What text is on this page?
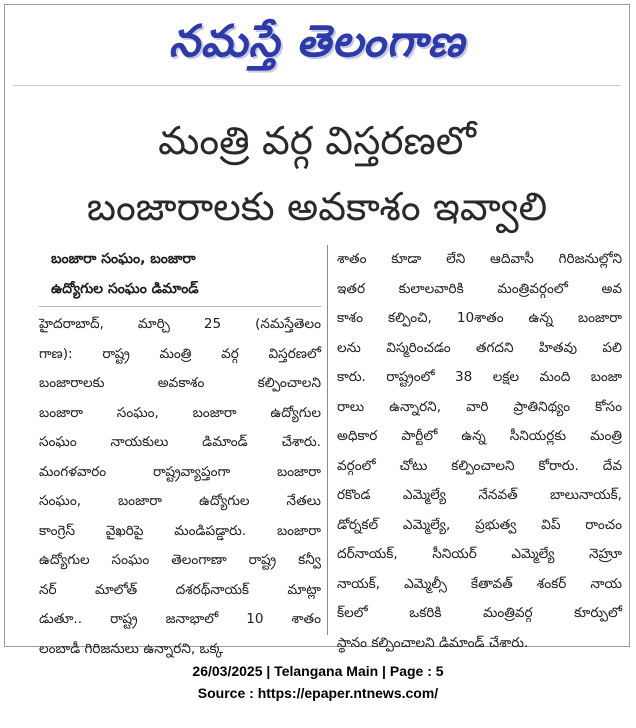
నమస్తే తెలంగాణ
మంత్రి వర్గ విస్తరణలో
బంజారాలకు అవకాశం ఇవ్వాలి
బంజారా సంఘం, బంజారా
ఉద్యోగుల సంఘం డిమాండ్
హైదరాబాద్, మార్చి 25 (నమస్తేతెలం
గాణ): రాష్ట్ర మంత్రి వర్గ విస్తరణలో
బంజారాలకు అవకాశం కల్పించాలని
బంజారా సంఘం, బంజారా ఉద్యోగుల
సంఘం నాయకులు డిమాండ్ చేశారు.
మంగళవారం రాష్ట్రవ్యాప్తంగా బంజారా
సంఘం, బంజారా ఉద్యోగుల నేతలు
కాంగ్రెస్ వైఖరిపై మండిపడ్డారు. బంజారా
ఉద్యోగుల సంఘం తెలంగాణా రాష్ట్ర కన్వీ
నర్ మాలోత్ దశరథ్‌నాయక్ మాట్లా
డుతూ.. రాష్ట్ర జనాభాలో 10 శాతం
లంబాడీ గిరిజనులు ఉన్నారని, ఒక్క
శాతం కూడా లేని ఆదివాసీ గిరిజనుల్లోని
ఇతర కులాలవారికి మంత్రివర్గంలో అవ
కాశం కల్పించి, 10శాతం ఉన్న బంజారా
లను విస్మరించడం తగదని హితవు పలి
కారు. రాష్ట్రంలో 38 లక్షల మంది బంజా
రాలు ఉన్నారని, వారి ప్రాతినిథ్యం కోసం
అధికార పార్టీలో ఉన్న సీనియర్లకు మంత్రి
వర్గంలో చోటు కల్పించాలని కోరారు. దేవ
రకొండ ఎమ్మెల్యే నేనవత్ బాలునాయక్,
డోర్నకల్ ఎమ్మెల్యే, ప్రభుత్వ విప్ రాంచం
దర్‌నాయక్, సీనియర్ ఎమ్మెల్యే నెహ్రూ
నాయక్, ఎమ్మెల్సీ కేతావత్ శంకర్ నాయ
క్‌లలో ఒకరికి మంత్రివర్గ కూర్పులో
స్థానం కల్పించాలని డిమాండ్ చేశారు.
26/03/2025 | Telangana Main | Page : 5
Source : https://epaper.ntnews.com/
